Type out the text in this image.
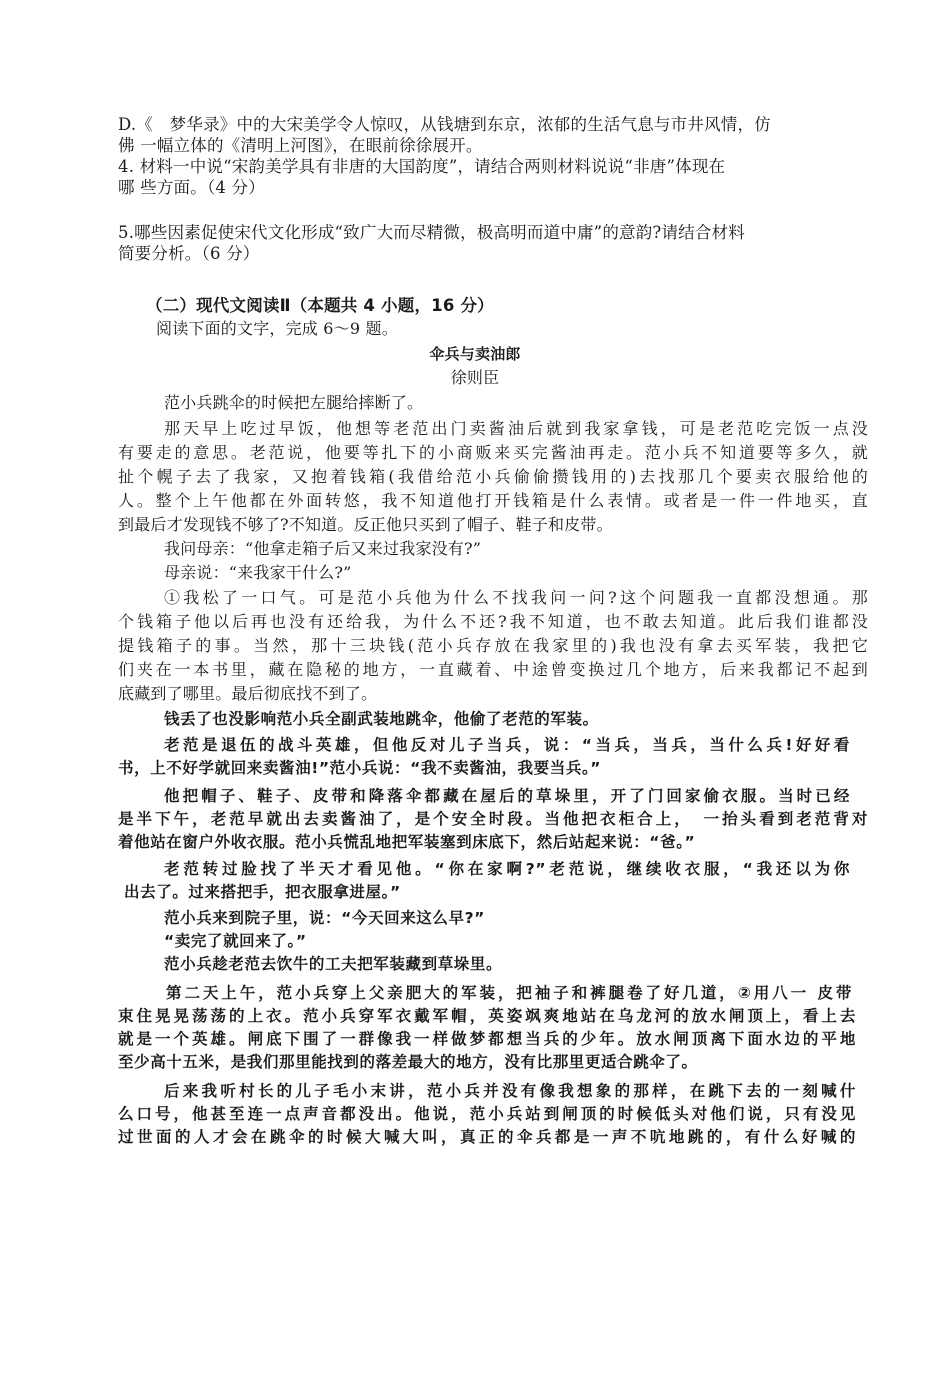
D.《　梦华录》中的大宋美学令人惊叹，从钱塘到东京，浓郁的生活气息与市井风情，仿
佛 一幅立体的《清明上河图》，在眼前徐徐展开。
4. 材料一中说“宋韵美学具有非唐的大国韵度”，请结合两则材料说说“非唐”体现在
哪 些方面。（4 分）
5.哪些因素促使宋代文化形成“致广大而尽精微，极高明而道中庸”的意韵?请结合材料
简要分析。（6 分）
（二）现代文阅读Ⅱ（本题共 4 小题，16 分）
阅读下面的文字，完成 6～9 题。
伞兵与卖油郎
徐则臣
范小兵跳伞的时候把左腿给摔断了。
那天早上吃过早饭，他想等老范出门卖酱油后就到我家拿钱，可是老范吃完饭一点没
有要走的意思。老范说，他要等扎下的小商贩来买完酱油再走。范小兵不知道要等多久，就
扯个幌子去了我家，又抱着钱箱(我借给范小兵偷偷攒钱用的)去找那几个要卖衣服给他的
人。整个上午他都在外面转悠，我不知道他打开钱箱是什么表情。或者是一件一件地买，直
到最后才发现钱不够了?不知道。反正他只买到了帽子、鞋子和皮带。
我问母亲：“他拿走箱子后又来过我家没有?”
母亲说：“来我家干什么?”
①我松了一口气。可是范小兵他为什么不找我问一问?这个问题我一直都没想通。那
个钱箱子他以后再也没有还给我，为什么不还?我不知道，也不敢去知道。此后我们谁都没
提钱箱子的事。当然，那十三块钱(范小兵存放在我家里的)我也没有拿去买军装，我把它
们夹在一本书里，藏在隐秘的地方，一直藏着、中途曾变换过几个地方，后来我都记不起到
底藏到了哪里。最后彻底找不到了。
钱丢了也没影响范小兵全副武装地跳伞，他偷了老范的军装。
老范是退伍的战斗英雄，但他反对儿子当兵，说：“当兵，当兵，当什么兵!好好看
书，上不好学就回来卖酱油!”范小兵说：“我不卖酱油，我要当兵。”
他把帽子、鞋子、皮带和降落伞都藏在屋后的草垛里，开了门回家偷衣服。当时已经
是半下午，老范早就出去卖酱油了，是个安全时段。当他把衣柜合上，　一抬头看到老范背对
着他站在窗户外收衣服。范小兵慌乱地把军装塞到床底下，然后站起来说：“爸。”
老范转过脸找了半天才看见他。“你在家啊?”老范说，继续收衣服，“我还以为你
出去了。过来搭把手，把衣服拿进屋。”
范小兵来到院子里，说：“今天回来这么早?”
“卖完了就回来了。”
范小兵趁老范去饮牛的工夫把军装藏到草垛里。
第二天上午，范小兵穿上父亲肥大的军装，把袖子和裤腿卷了好几道，②用八一 皮带
束住晃晃荡荡的上衣。范小兵穿军衣戴军帽，英姿飒爽地站在乌龙河的放水闸顶上，看上去
就是一个英雄。闸底下围了一群像我一样做梦都想当兵的少年。放水闸顶离下面水边的平地
至少高十五米，是我们那里能找到的落差最大的地方，没有比那里更适合跳伞了。
后来我听村长的儿子毛小末讲，范小兵并没有像我想象的那样，在跳下去的一刻喊什
么口号，他甚至连一点声音都没出。他说，范小兵站到闸顶的时候低头对他们说，只有没见
过世面的人才会在跳伞的时候大喊大叫，真正的伞兵都是一声不吭地跳的，有什么好喊的
